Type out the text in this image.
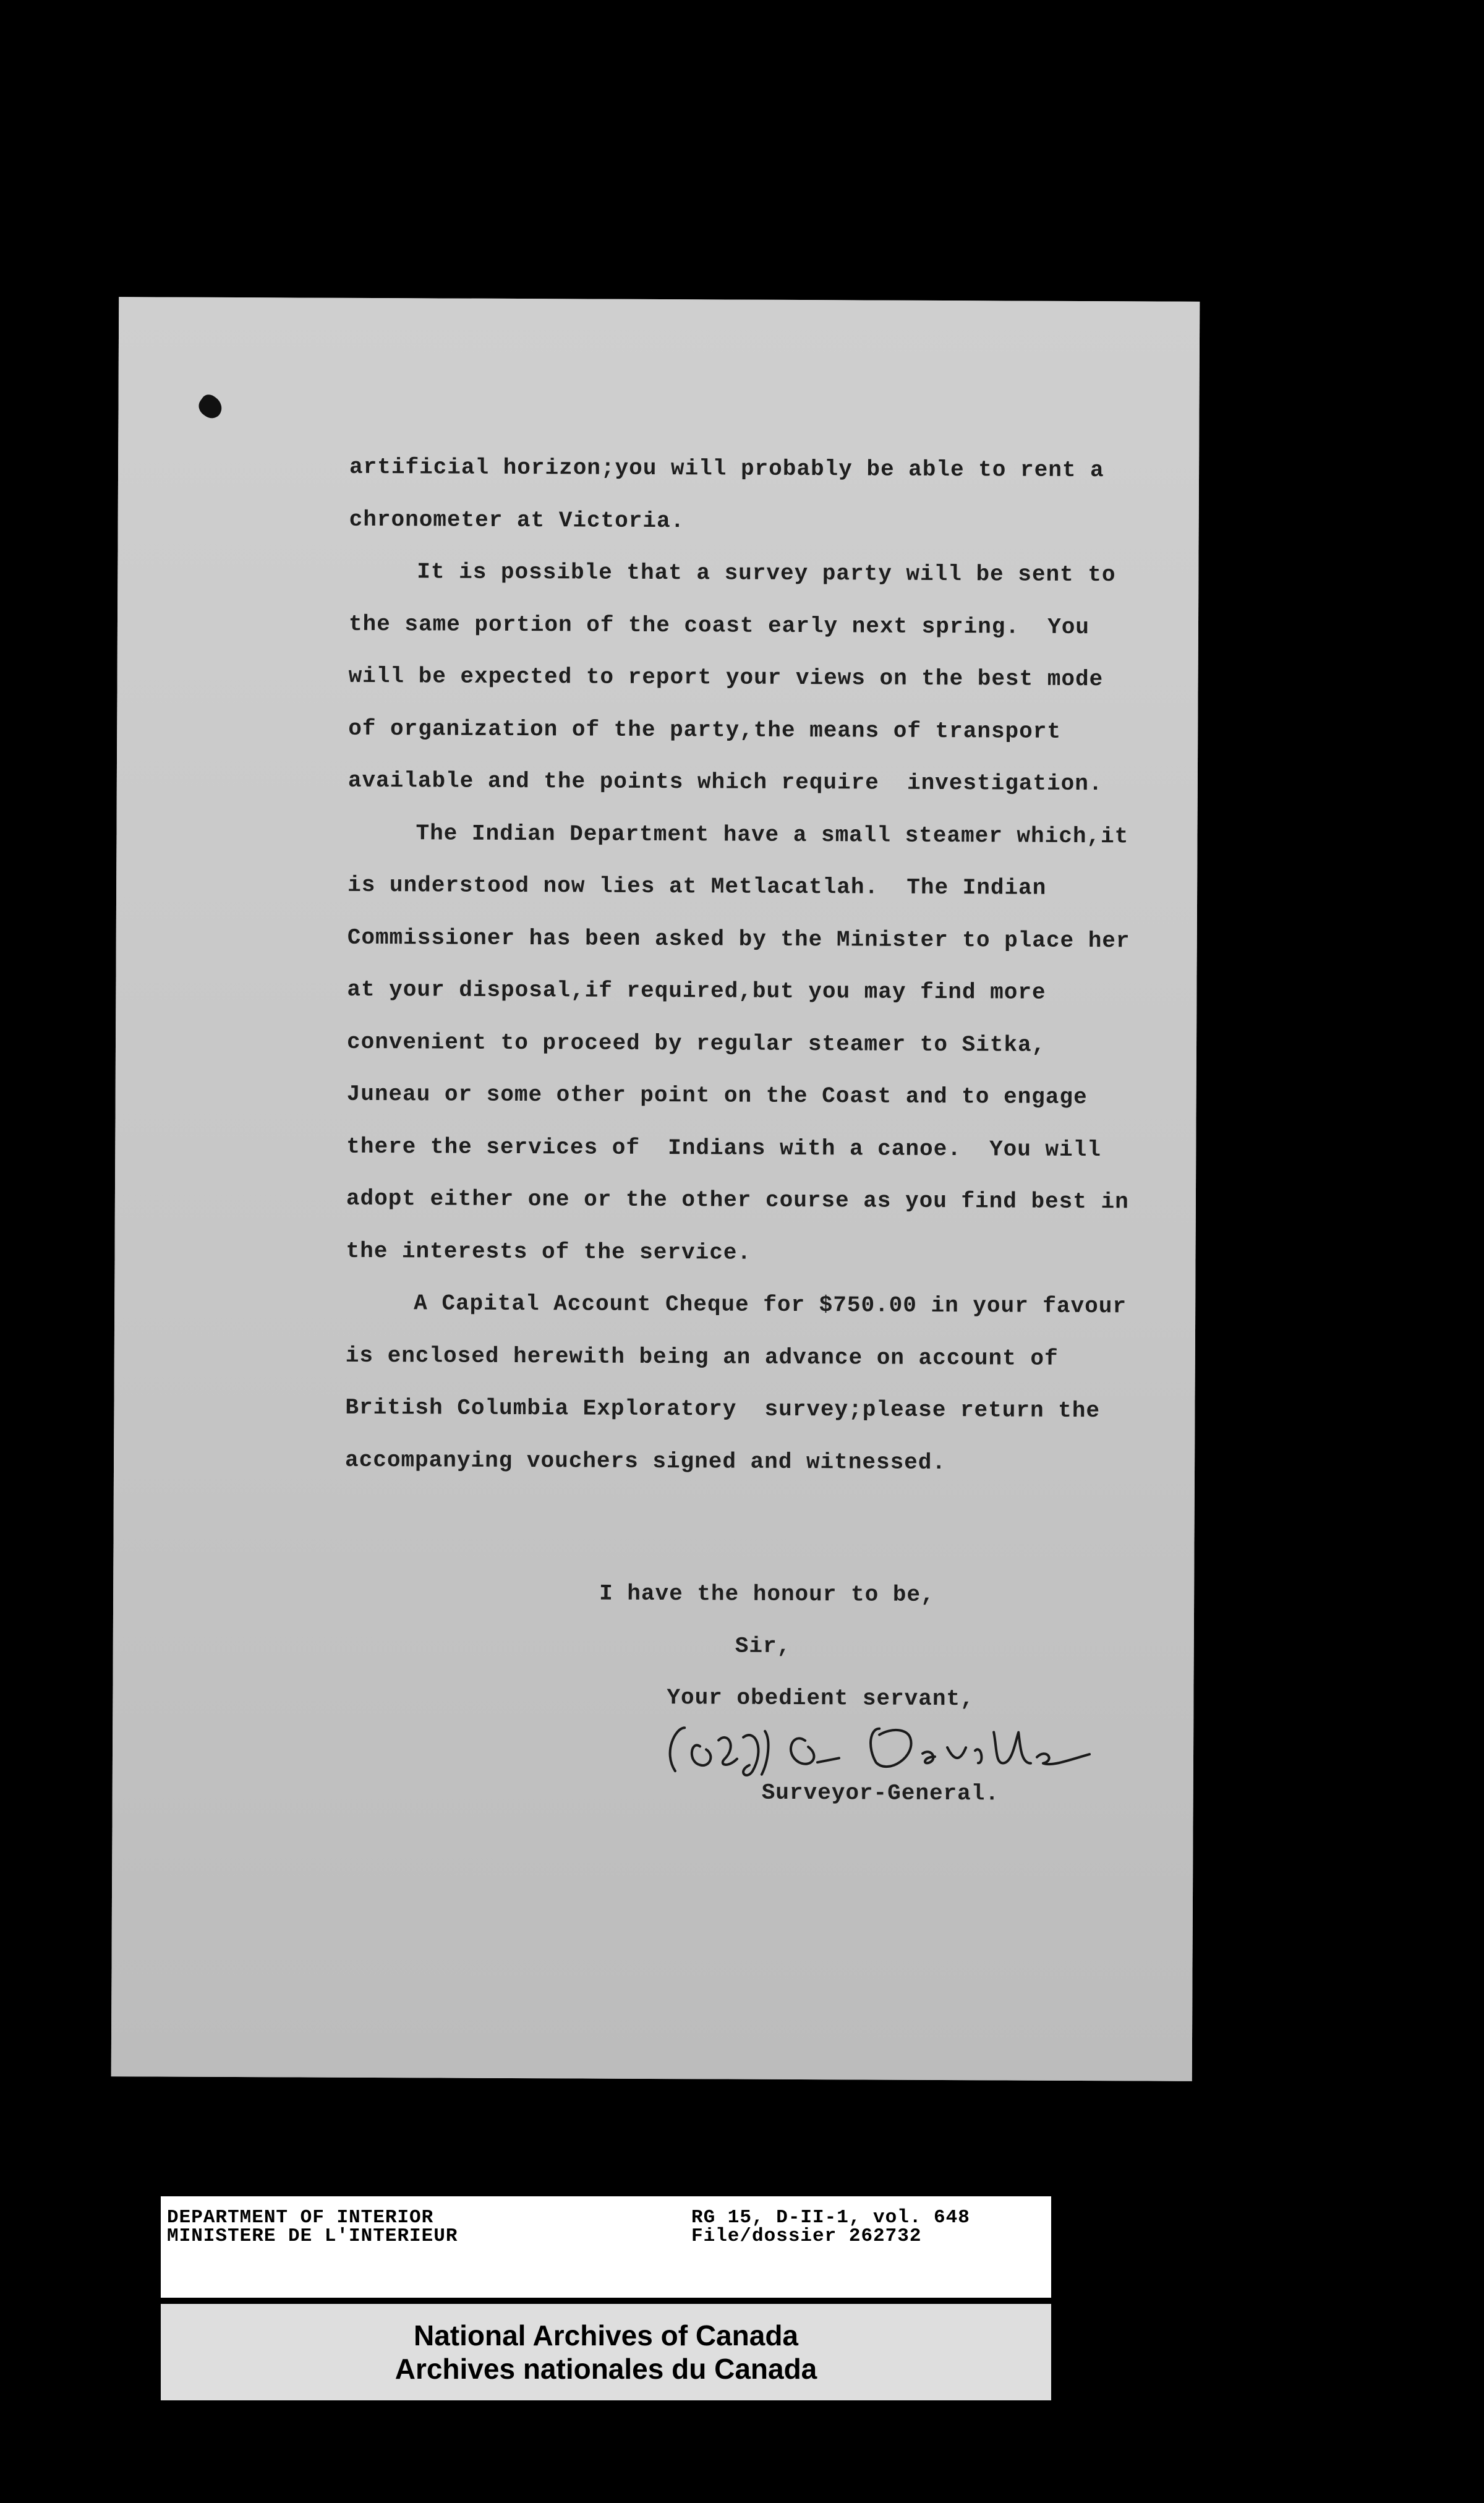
artificial horizon;you will probably be able to rent a
chronometer at Victoria.
It is possible that a survey party will be sent to
the same portion of the coast early next spring.  You
will be expected to report your views on the best mode
of organization of the party,the means of transport
available and the points which require  investigation.
The Indian Department have a small steamer which,it
is understood now lies at Metlacatlah.  The Indian
Commissioner has been asked by the Minister to place her
at your disposal,if required,but you may find more
convenient to proceed by regular steamer to Sitka,
Juneau or some other point on the Coast and to engage
there the services of  Indians with a canoe.  You will
adopt either one or the other course as you find best in
the interests of the service.
A Capital Account Cheque for $750.00 in your favour
is enclosed herewith being an advance on account of
British Columbia Exploratory  survey;please return the
accompanying vouchers signed and witnessed.
I have the honour to be,
Sir,
Your obedient servant,
Surveyor-General.
DEPARTMENT OF INTERIOR
MINISTERE DE L'INTERIEUR
RG 15, D-II-1, vol. 648
File/dossier 262732
National Archives of Canada
Archives nationales du Canada
